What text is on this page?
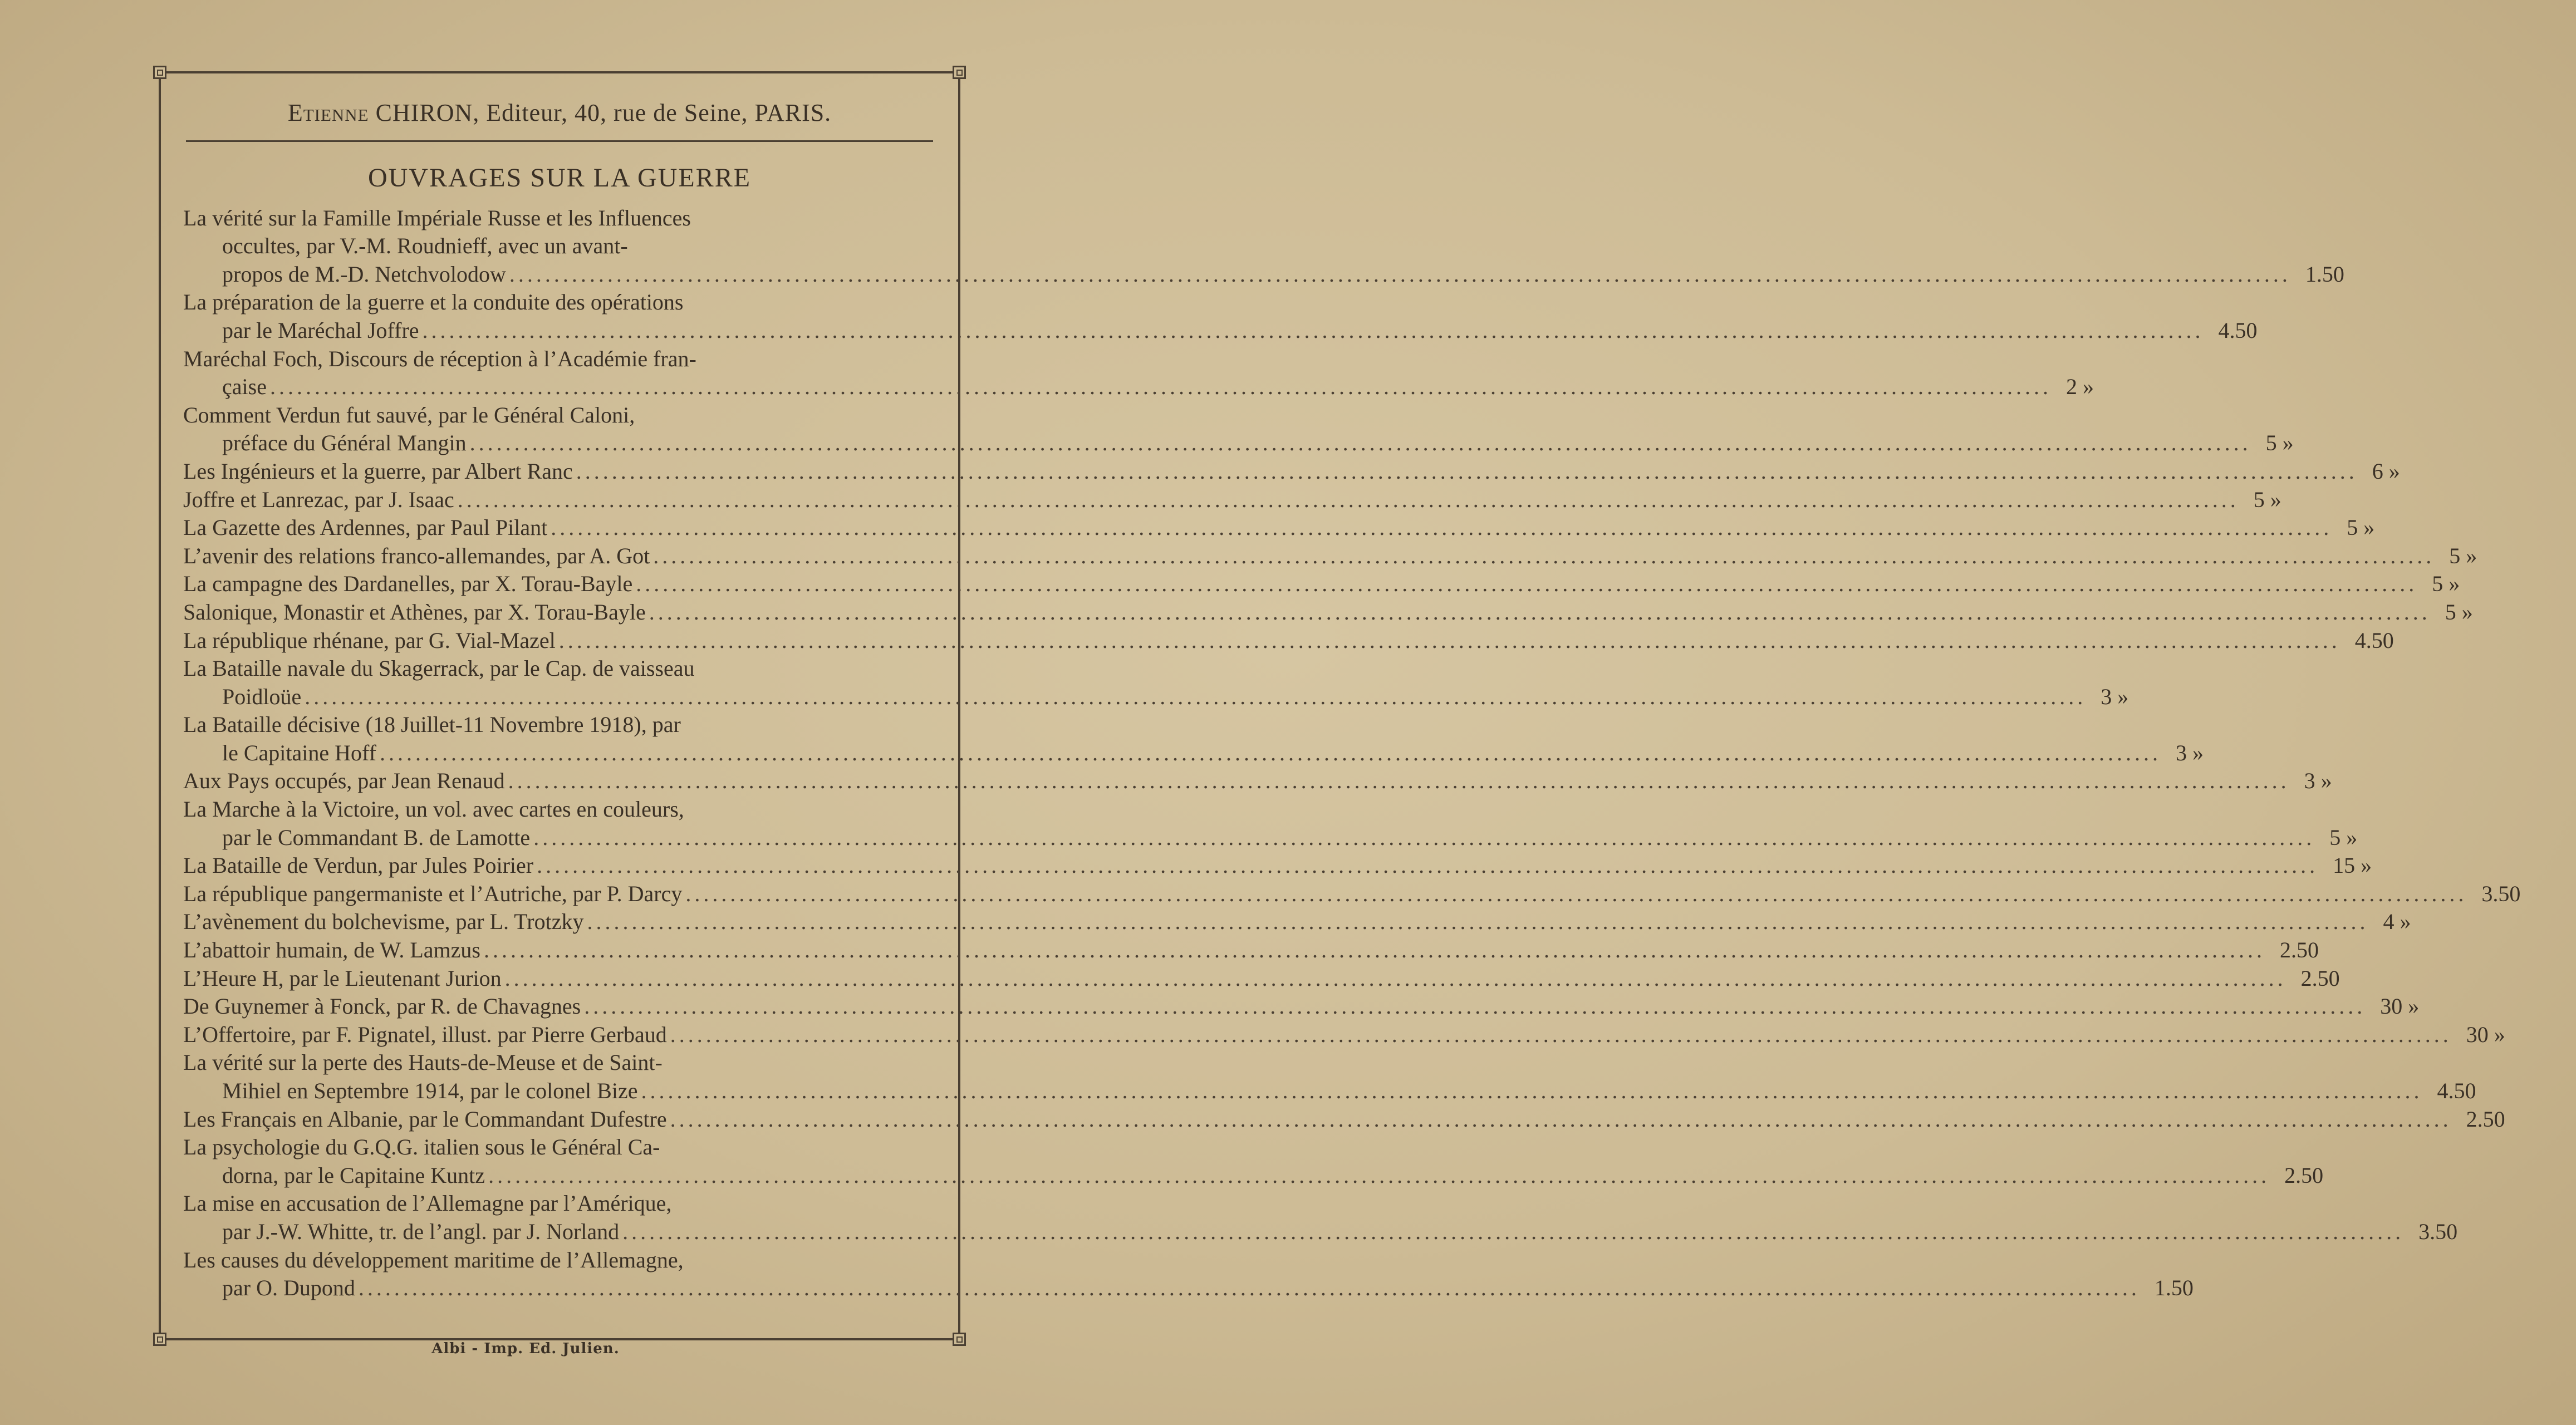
Etienne CHIRON, Editeur, 40, rue de Seine, PARIS.
OUVRAGES SUR LA GUERRE
La vérité sur la Famille Impériale Russe et les Influences
occultes, par V.-M. Roudnieff, avec un avant-
propos de M.-D. Netchvolodow ........................................................................................................................................................................................................ 1.50
La préparation de la guerre et la conduite des opérations
par le Maréchal Joffre ........................................................................................................................................................................................................ 4.50
Maréchal Foch, Discours de réception à l’Académie fran-
çaise ........................................................................................................................................................................................................ 2 »
Comment Verdun fut sauvé, par le Général Caloni,
préface du Général Mangin ........................................................................................................................................................................................................ 5 »
Les Ingénieurs et la guerre, par Albert Ranc ........................................................................................................................................................................................................ 6 »
Joffre et Lanrezac, par J. Isaac ........................................................................................................................................................................................................ 5 »
La Gazette des Ardennes, par Paul Pilant ........................................................................................................................................................................................................ 5 »
L’avenir des relations franco-allemandes, par A. Got ........................................................................................................................................................................................................ 5 »
La campagne des Dardanelles, par X. Torau-Bayle ........................................................................................................................................................................................................ 5 »
Salonique, Monastir et Athènes, par X. Torau-Bayle ........................................................................................................................................................................................................ 5 »
La république rhénane, par G. Vial-Mazel ........................................................................................................................................................................................................ 4.50
La Bataille navale du Skagerrack, par le Cap. de vaisseau
Poidloüe ........................................................................................................................................................................................................ 3 »
La Bataille décisive (18 Juillet-11 Novembre 1918), par
le Capitaine Hoff ........................................................................................................................................................................................................ 3 »
Aux Pays occupés, par Jean Renaud ........................................................................................................................................................................................................ 3 »
La Marche à la Victoire, un vol. avec cartes en couleurs,
par le Commandant B. de Lamotte ........................................................................................................................................................................................................ 5 »
La Bataille de Verdun, par Jules Poirier ........................................................................................................................................................................................................ 15 »
La république pangermaniste et l’Autriche, par P. Darcy ........................................................................................................................................................................................................ 3.50
L’avènement du bolchevisme, par L. Trotzky ........................................................................................................................................................................................................ 4 »
L’abattoir humain, de W. Lamzus ........................................................................................................................................................................................................ 2.50
L’Heure H, par le Lieutenant Jurion ........................................................................................................................................................................................................ 2.50
De Guynemer à Fonck, par R. de Chavagnes ........................................................................................................................................................................................................ 30 »
L’Offertoire, par F. Pignatel, illust. par Pierre Gerbaud ........................................................................................................................................................................................................ 30 »
La vérité sur la perte des Hauts-de-Meuse et de Saint-
Mihiel en Septembre 1914, par le colonel Bize ........................................................................................................................................................................................................ 4.50
Les Français en Albanie, par le Commandant Dufestre ........................................................................................................................................................................................................ 2.50
La psychologie du G.Q.G. italien sous le Général Ca-
dorna, par le Capitaine Kuntz ........................................................................................................................................................................................................ 2.50
La mise en accusation de l’Allemagne par l’Amérique,
par J.-W. Whitte, tr. de l’angl. par J. Norland ........................................................................................................................................................................................................ 3.50
Les causes du développement maritime de l’Allemagne,
par O. Dupond ........................................................................................................................................................................................................ 1.50
Albi - Imp. Ed. Julien.
